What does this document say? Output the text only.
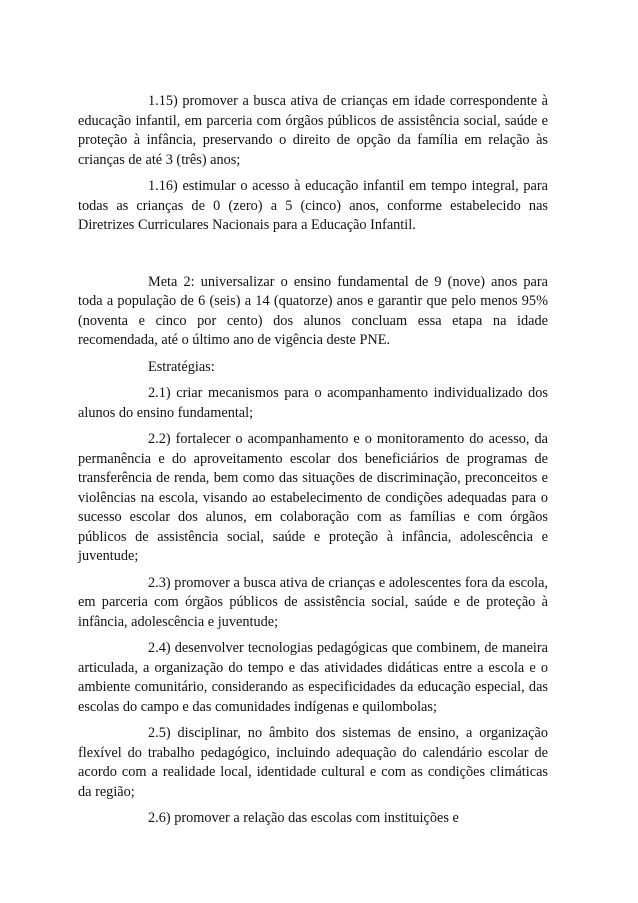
1.15) promover a busca ativa de crianças em idade correspondente à educação infantil, em parceria com órgãos públicos de assistência social, saúde e proteção à infância, preservando o direito de opção da família em relação às crianças de até 3 (três) anos;

1.16) estimular o acesso à educação infantil em tempo integral, para todas as crianças de 0 (zero) a 5 (cinco) anos, conforme estabelecido nas Diretrizes Curriculares Nacionais para a Educação Infantil.

Meta 2: universalizar o ensino fundamental de 9 (nove) anos para toda a população de 6 (seis) a 14 (quatorze) anos e garantir que pelo menos 95% (noventa e cinco por cento) dos alunos concluam essa etapa na idade recomendada, até o último ano de vigência deste PNE.

Estratégias:

2.1) criar mecanismos para o acompanhamento individualizado dos alunos do ensino fundamental;

2.2) fortalecer o acompanhamento e o monitoramento do acesso, da permanência e do aproveitamento escolar dos beneficiários de programas de transferência de renda, bem como das situações de discriminação, preconceitos e violências na escola, visando ao estabelecimento de condições adequadas para o sucesso escolar dos alunos, em colaboração com as famílias e com órgãos públicos de assistência social, saúde e proteção à infância, adolescência e juventude;

2.3) promover a busca ativa de crianças e adolescentes fora da escola, em parceria com órgãos públicos de assistência social, saúde e de proteção à infância, adolescência e juventude;

2.4) desenvolver tecnologias pedagógicas que combinem, de maneira articulada, a organização do tempo e das atividades didáticas entre a escola e o ambiente comunitário, considerando as especificidades da educação especial, das escolas do campo e das comunidades indígenas e quilombolas;

2.5) disciplinar, no âmbito dos sistemas de ensino, a organização flexível do trabalho pedagógico, incluindo adequação do calendário escolar de acordo com a realidade local, identidade cultural e com as condições climáticas da região;

2.6) promover a relação das escolas com instituições e
